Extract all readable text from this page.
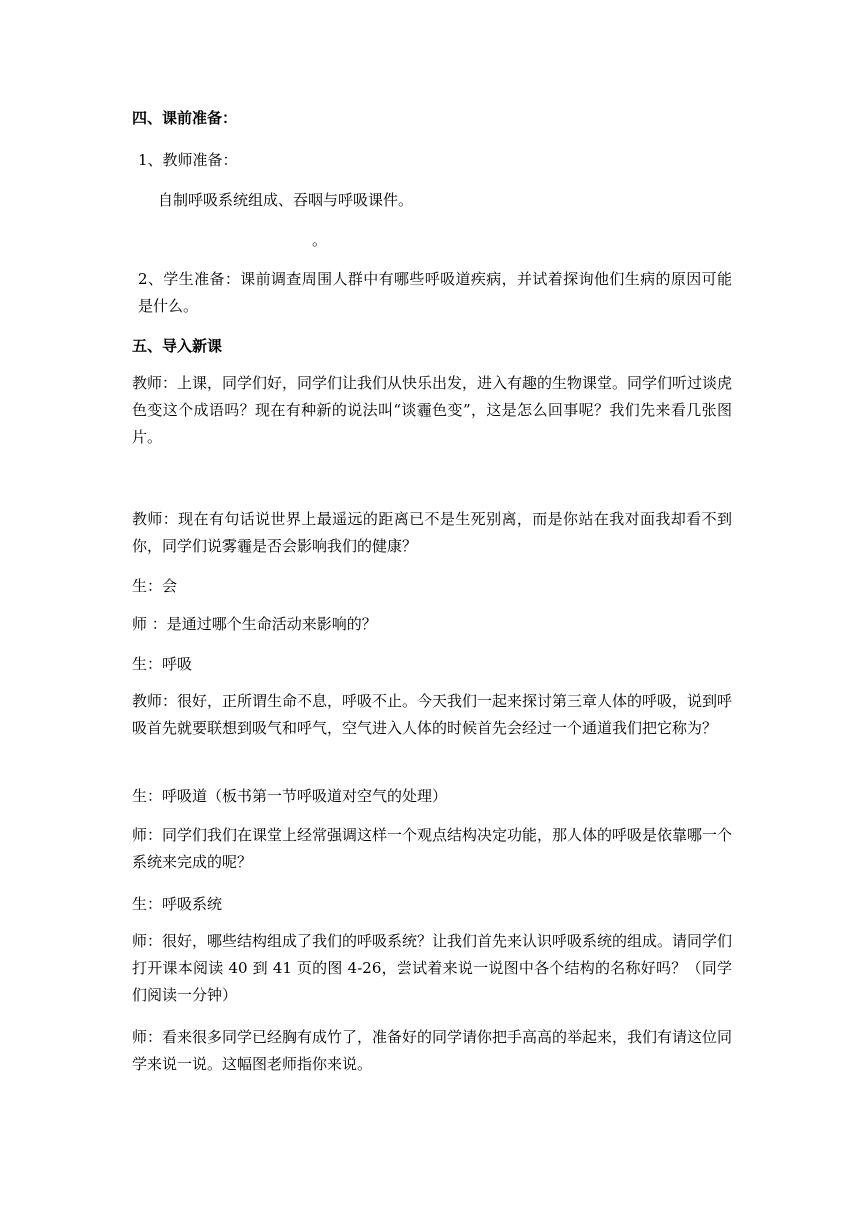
四、课前准备：
1、教师准备：
自制呼吸系统组成、吞咽与呼吸课件。
。
2、学生准备：课前调查周围人群中有哪些呼吸道疾病，并试着探询他们生病的原因可能是什么。
五、导入新课
教师：上课，同学们好，同学们让我们从快乐出发，进入有趣的生物课堂。同学们听过谈虎色变这个成语吗？现在有种新的说法叫“谈霾色变”，这是怎么回事呢？我们先来看几张图片。
教师：现在有句话说世界上最遥远的距离已不是生死别离，而是你站在我对面我却看不到你，同学们说雾霾是否会影响我们的健康？
生：会
师 ：是通过哪个生命活动来影响的？
生：呼吸
教师：很好，正所谓生命不息，呼吸不止。今天我们一起来探讨第三章人体的呼吸，说到呼吸首先就要联想到吸气和呼气，空气进入人体的时候首先会经过一个通道我们把它称为？
生：呼吸道（板书第一节呼吸道对空气的处理）
师：同学们我们在课堂上经常强调这样一个观点结构决定功能，那人体的呼吸是依靠哪一个系统来完成的呢？
生：呼吸系统
师：很好，哪些结构组成了我们的呼吸系统？让我们首先来认识呼吸系统的组成。请同学们打开课本阅读 40 到 41 页的图 4-26，尝试着来说一说图中各个结构的名称好吗？（同学们阅读一分钟）
师：看来很多同学已经胸有成竹了，准备好的同学请你把手高高的举起来，我们有请这位同学来说一说。这幅图老师指你来说。
